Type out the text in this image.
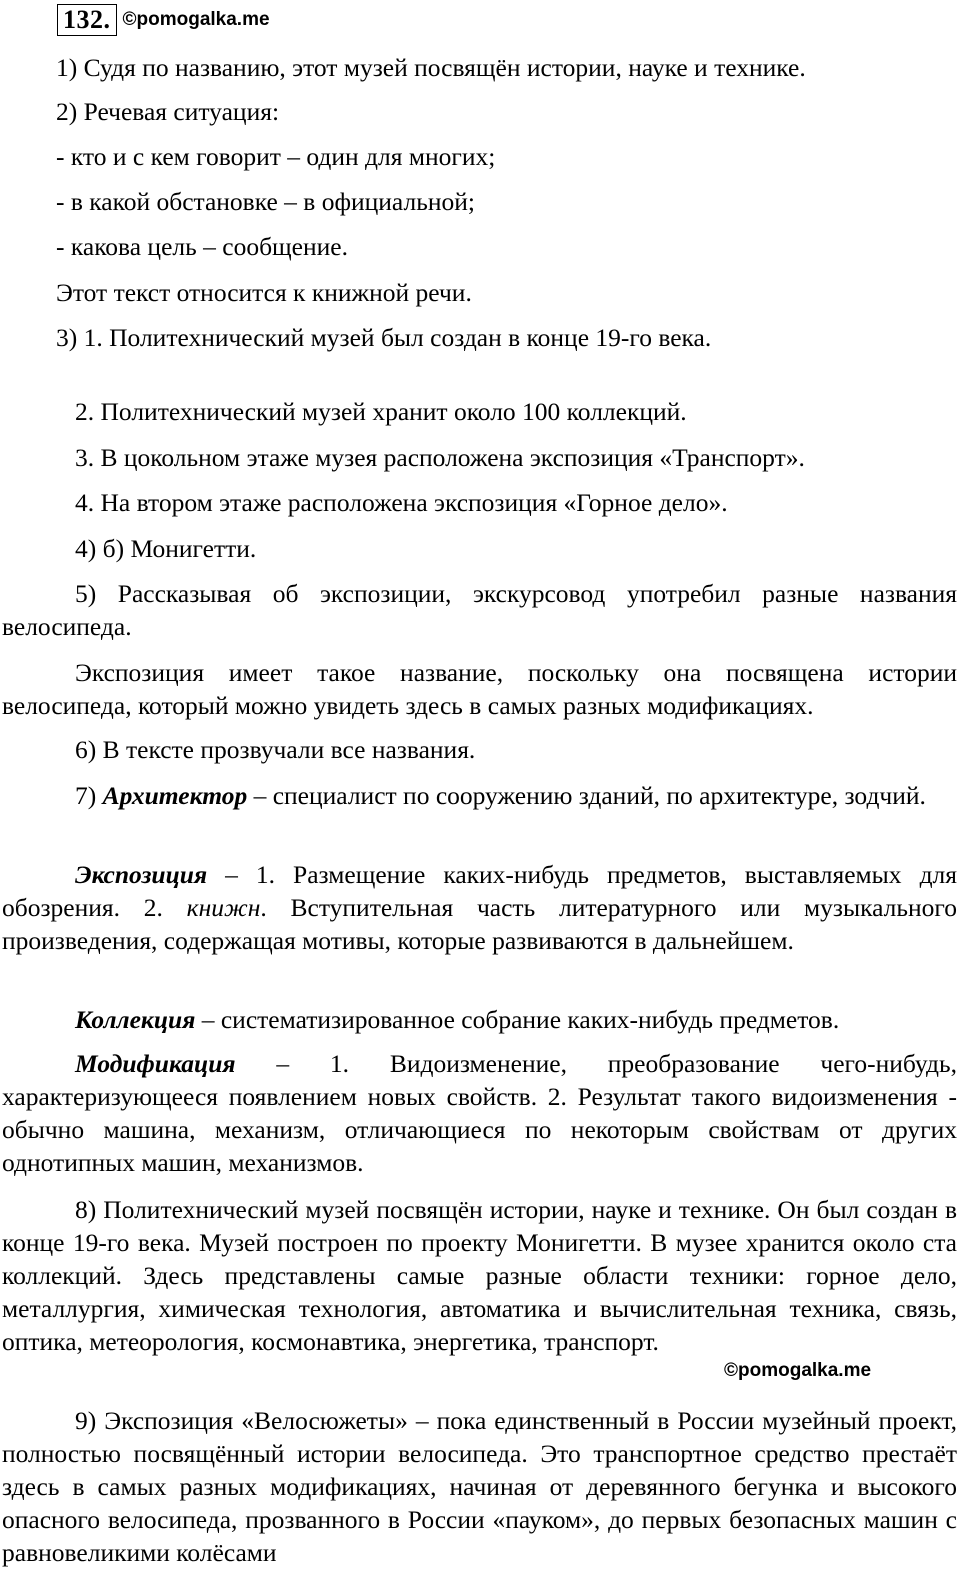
132. ©pomogalka.me
1) Судя по названию, этот музей посвящён истории, науке и технике.
2) Речевая ситуация:
- кто и с кем говорит – один для многих;
- в какой обстановке – в официальной;
- какова цель – сообщение.
Этот текст относится к книжной речи.
3) 1. Политехнический музей был создан в конце 19-го века.
2. Политехнический музей хранит около 100 коллекций.
3. В цокольном этаже музея расположена экспозиция «Транспорт».
4. На втором этаже расположена экспозиция «Горное дело».
4) б) Монигетти.
5) Рассказывая об экспозиции, экскурсовод употребил разные названия велосипеда.
Экспозиция имеет такое название, поскольку она посвящена истории велосипеда, который можно увидеть здесь в самых разных модификациях.
6) В тексте прозвучали все названия.
7) Архитектор – специалист по сооружению зданий, по архитектуре, зодчий.
Экспозиция – 1. Размещение каких-нибудь предметов, выставляемых для обозрения. 2. книжн. Вступительная часть литературного или музыкального произведения, содержащая мотивы, которые развиваются в дальнейшем.
Коллекция – систематизированное собрание каких-нибудь предметов.
Модификация – 1. Видоизменение, преобразование чего-нибудь, характеризующееся появлением новых свойств. 2. Результат такого видоизменения - обычно машина, механизм, отличающиеся по некоторым свойствам от других однотипных машин, механизмов.
8) Политехнический музей посвящён истории, науке и технике. Он был создан в конце 19-го века. Музей построен по проекту Монигетти. В музее хранится около ста коллекций. Здесь представлены самые разные области техники: горное дело, металлургия, химическая технология, автоматика и вычислительная техника, связь, оптика, метеорология, космонавтика, энергетика, транспорт.
©pomogalka.me
9) Экспозиция «Велосюжеты» – пока единственный в России музейный проект, полностью посвящённый истории велосипеда. Это транспортное средство престаёт здесь в самых разных модификациях, начиная от деревянного бегунка и высокого опасного велосипеда, прозванного в России «пауком», до первых безопасных машин с равновеликими колёсами
